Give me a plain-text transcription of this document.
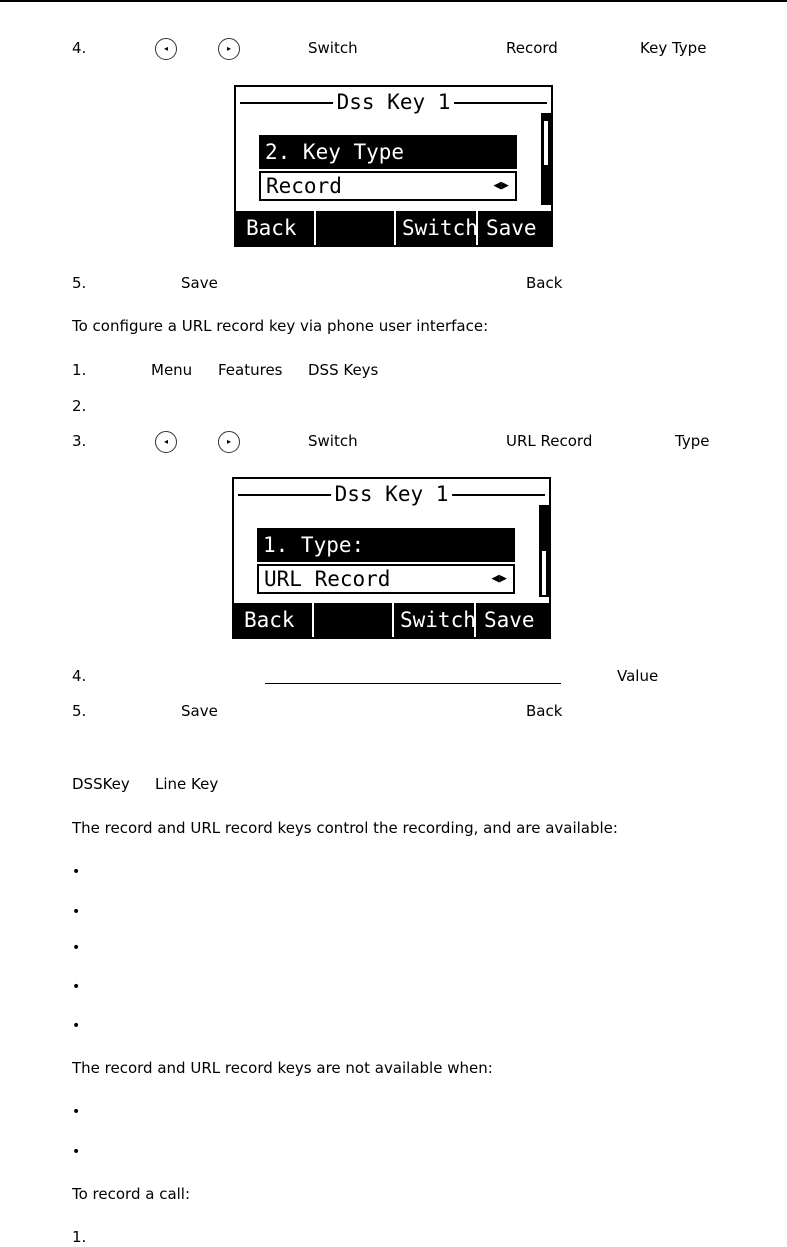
4.	◂	▸	Switch	Record	Key Type
Dss Key 1
2. Key Type
Record	◀▶
Back	Switch Save
5.	Save	Back
To configure a URL record key via phone user interface:
1.	Menu Features DSS Keys
2.
3.	◂	▸	Switch	URL Record	Type
Dss Key 1
1. Type:
URL Record	◀▶
Back	Switch Save
4.	Value
5.	Save	Back
DSSKey Line Key
The record and URL record keys control the recording, and are available:
•
•
•
•
•
The record and URL record keys are not available when:
•
•
To record a call:
1.
